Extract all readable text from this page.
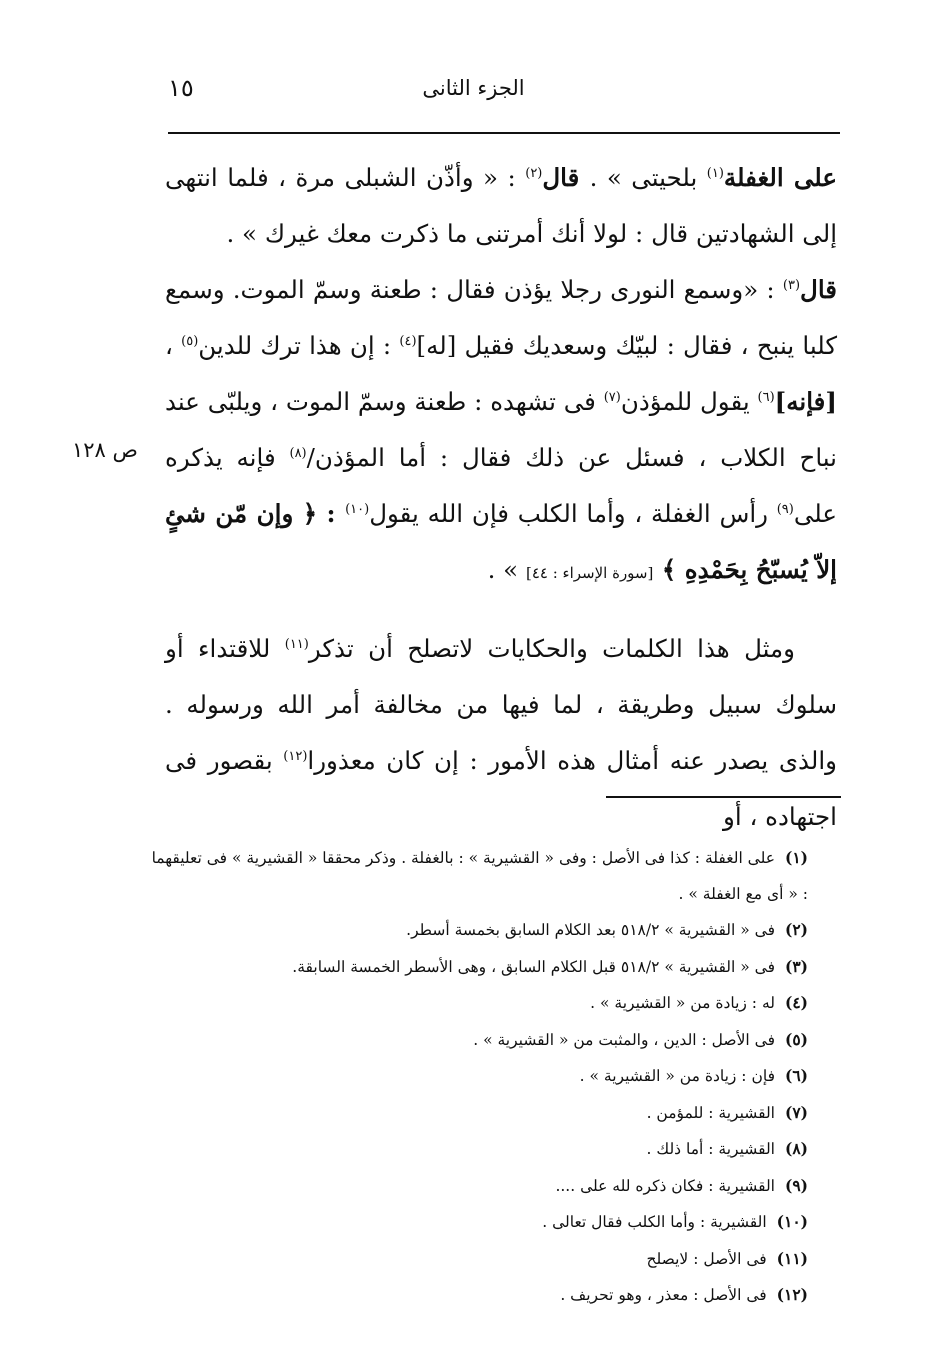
١٥	الجزء الثانى
ص ١٢٨

على الغفلة$^{(١)}$ بلحيتى » . قال$^{(٢)}$ : « وأذّن الشبلى مرة ، فلما انتهى إلى الشهادتين قال : لولا أنك أمرتنى ما ذكرت معك غيرك » .
قال$^{(٣)}$ : «وسمع النورى رجلا يؤذن فقال : طعنة وسمّ الموت. وسمع كلبا ينبح ، فقال : لبيّك وسعديك فقيل [له]$^{(٤)}$ : إن هذا ترك للدين$^{(٥)}$ ، [فإنه]$^{(٦)}$ يقول للمؤذن$^{(٧)}$ فى تشهده : طعنة وسمّ الموت ، ويلبّى عند نباح الكلاب ، فسئل عن ذلك فقال : أما المؤذن/$^{(٨)}$ فإنه يذكره على$^{(٩)}$ رأس الغفلة ، وأما الكلب فإن الله يقول$^{(١٠)}$ : ﴿ وإن مّن شئٍ إلاّ يُسبّحُ بِحَمْدِهِ ﴾ [سورة الإسراء : ٤٤] » .

ومثل هذا الكلمات والحكايات لاتصلح أن تذكر$^{(١١)}$ للاقتداء أو سلوك سبيل وطريقة ، لما فيها من مخالفة أمر الله ورسوله . والذى يصدر عنه أمثال هذه الأمور : إن كان معذورا$^{(١٢)}$ بقصور فى اجتهاده ، أو

(١)على الغفلة : كذا فى الأصل : وفى « القشيرية » : بالغفلة . وذكر محققا « القشيرية » فى تعليقهما : « أى مع الغفلة » .

(٢)فى « القشيرية » ٥١٨/٢ بعد الكلام السابق بخمسة أسطر.

(٣)فى « القشيرية » ٥١٨/٢ قبل الكلام السابق ، وهى الأسطر الخمسة السابقة.

(٤)له : زيادة من « القشيرية » .

(٥)فى الأصل : الدين ، والمثبت من « القشيرية » .

(٦)فإن : زيادة من « القشيرية » .

(٧)القشيرية : للمؤمن .

(٨)القشيرية : أما ذلك .

(٩)القشيرية : فكان ذكره لله على ....

(١٠)القشيرية : وأما الكلب فقال تعالى .

(١١)فى الأصل : لايصلح

(١٢)فى الأصل : معذر ، وهو تحريف .
